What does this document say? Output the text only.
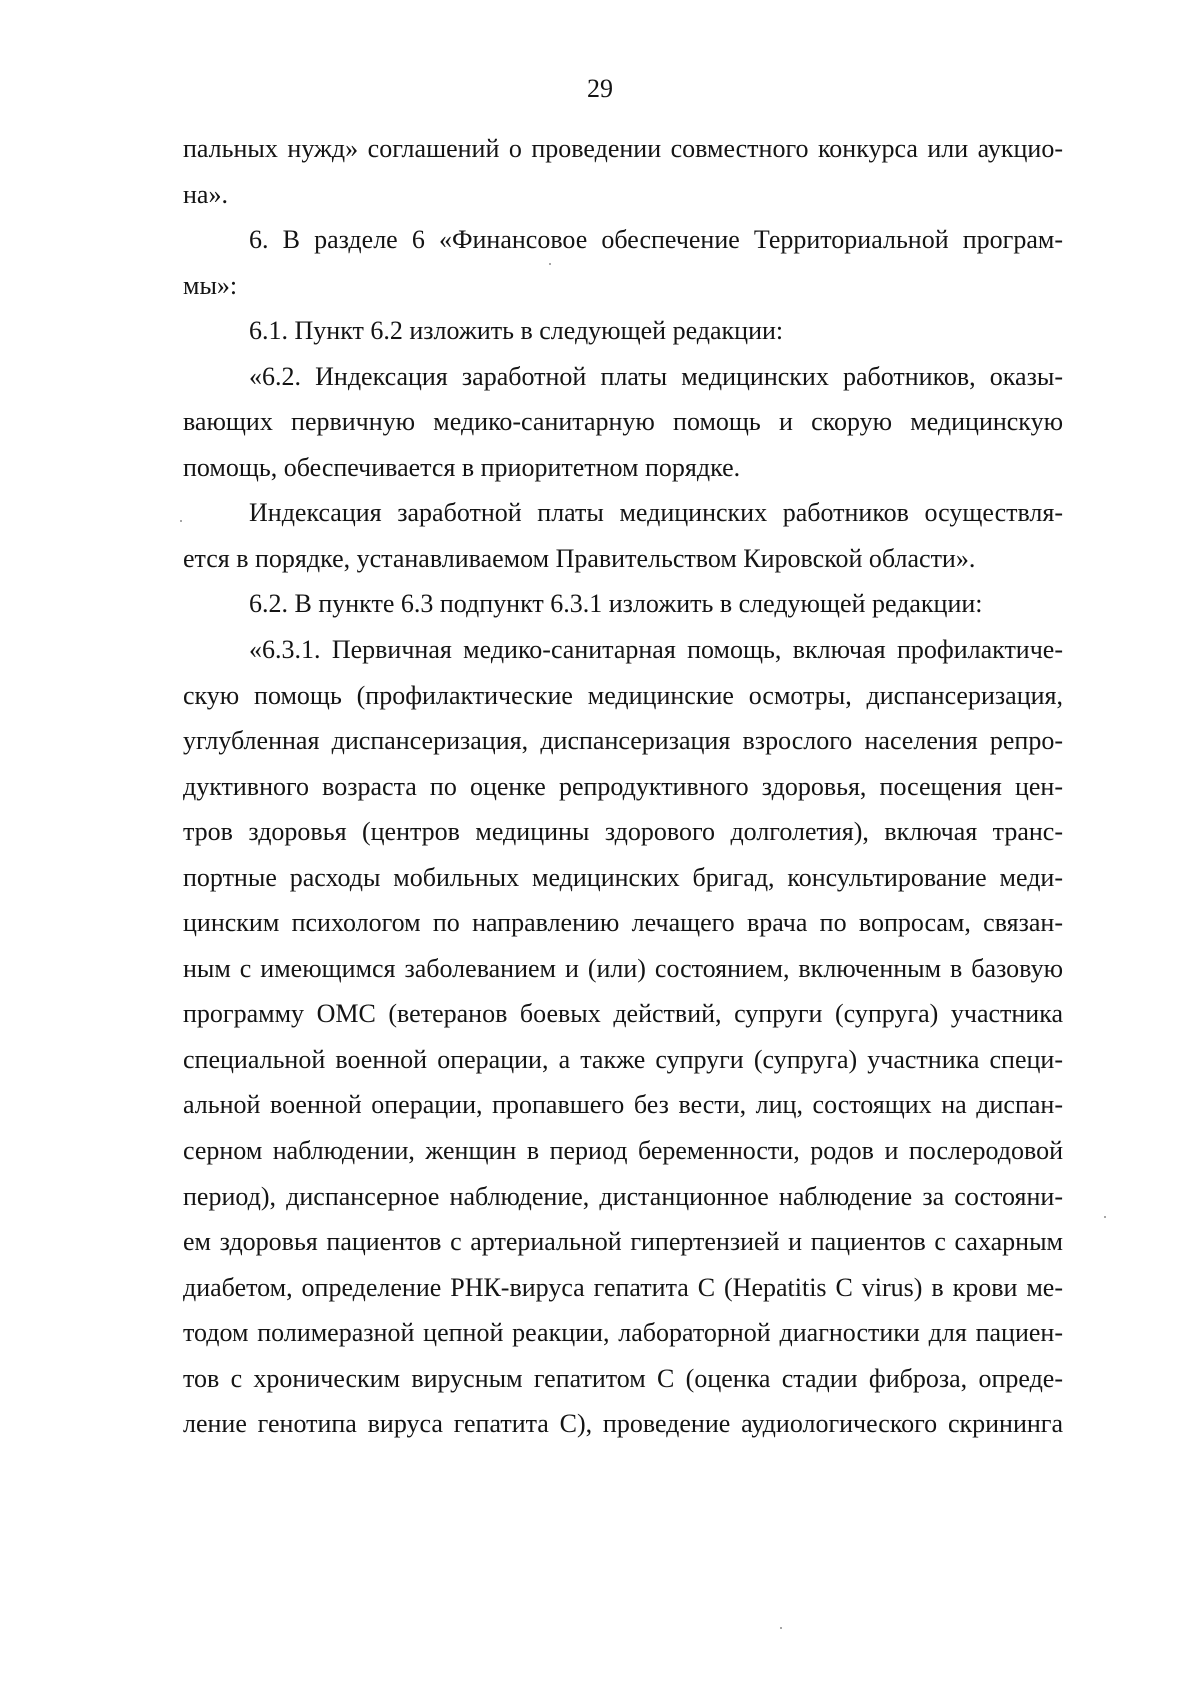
29
пальных нужд» соглашений о проведении совместного конкурса или аукцио-
на».
6. В разделе 6 «Финансовое обеспечение Территориальной програм-
мы»:
6.1. Пункт 6.2 изложить в следующей редакции:
«6.2. Индексация заработной платы медицинских работников, оказы-
вающих первичную медико-санитарную помощь и скорую медицинскую
помощь, обеспечивается в приоритетном порядке.
Индексация заработной платы медицинских работников осуществля-
ется в порядке, устанавливаемом Правительством Кировской области».
6.2. В пункте 6.3 подпункт 6.3.1 изложить в следующей редакции:
«6.3.1. Первичная медико-санитарная помощь, включая профилактиче-
скую помощь (профилактические медицинские осмотры, диспансеризация,
углубленная диспансеризация, диспансеризация взрослого населения репро-
дуктивного возраста по оценке репродуктивного здоровья, посещения цен-
тров здоровья (центров медицины здорового долголетия), включая транс-
портные расходы мобильных медицинских бригад, консультирование меди-
цинским психологом по направлению лечащего врача по вопросам, связан-
ным с имеющимся заболеванием и (или) состоянием, включенным в базовую
программу ОМС (ветеранов боевых действий, супруги (супруга) участника
специальной военной операции, а также супруги (супруга) участника специ-
альной военной операции, пропавшего без вести, лиц, состоящих на диспан-
серном наблюдении, женщин в период беременности, родов и послеродовой
период), диспансерное наблюдение, дистанционное наблюдение за состояни-
ем здоровья пациентов с артериальной гипертензией и пациентов с сахарным
диабетом, определение РНК-вируса гепатита С (Hepatitis C virus) в крови ме-
тодом полимеразной цепной реакции, лабораторной диагностики для пациен-
тов с хроническим вирусным гепатитом С (оценка стадии фиброза, опреде-
ление генотипа вируса гепатита С), проведение аудиологического скрининга
